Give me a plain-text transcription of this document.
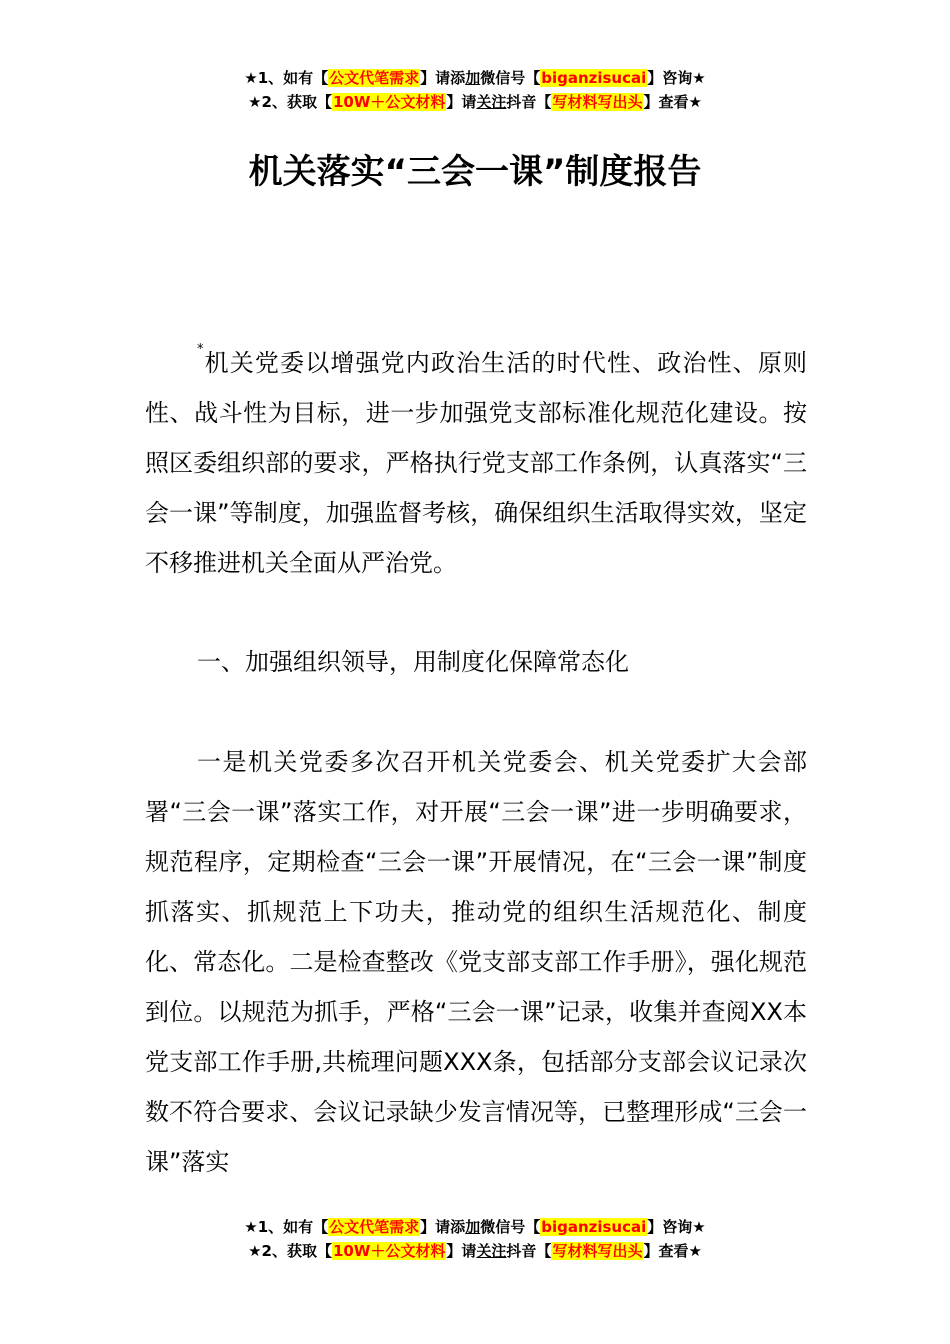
★1、如有【公文代笔需求】请添加微信号【biganzisucai】咨询★
★2、获取【10W＋公文材料】请关注抖音【写材料写出头】查看★
机关落实“三会一课”制度报告

*机关党委以增强党内政治生活的时代性、政治性、原则性、战斗性为目标，进一步加强党支部标准化规范化建设。按照区委组织部的要求，严格执行党支部工作条例，认真落实“三会一课”等制度，加强监督考核，确保组织生活取得实效，坚定不移推进机关全面从严治党。

一、加强组织领导，用制度化保障常态化

一是机关党委多次召开机关党委会、机关党委扩大会部署“三会一课”落实工作，对开展“三会一课”进一步明确要求，规范程序，定期检查“三会一课”开展情况，在“三会一课”制度抓落实、抓规范上下功夫，推动党的组织生活规范化、制度化、常态化。二是检查整改《党支部支部工作手册》，强化规范到位。以规范为抓手，严格“三会一课”记录，收集并查阅XX本党支部工作手册,共梳理问题XXX条，包括部分支部会议记录次数不符合要求、会议记录缺少发言情况等，已整理形成“三会一课”落实

★1、如有【公文代笔需求】请添加微信号【biganzisucai】咨询★
★2、获取【10W＋公文材料】请关注抖音【写材料写出头】查看★
